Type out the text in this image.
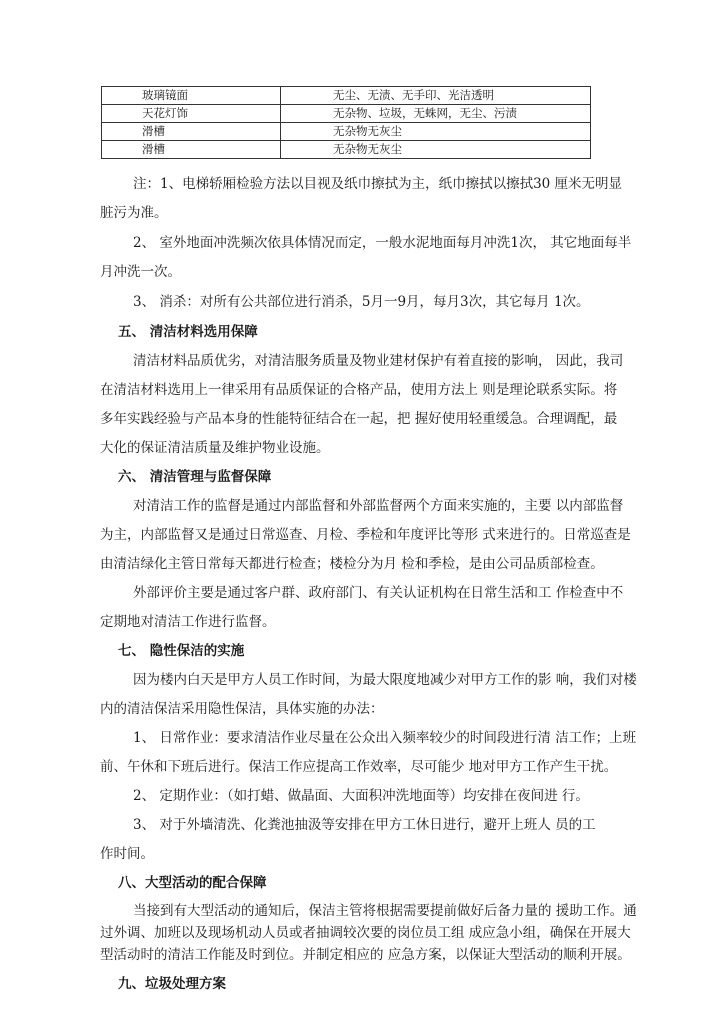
玻璃镜面	无尘、无渍、无手印、光洁透明
天花灯饰	无杂物、垃圾，无蛛网，无尘、污渍
滑槽	无杂物无灰尘
滑槽	无杂物无灰尘

注：1、电梯轿厢检验方法以目视及纸巾擦拭为主，纸巾擦拭以擦拭30 厘米无明显

脏污为准。

2、 室外地面冲洗频次依具体情况而定，一般水泥地面每月冲洗1次， 其它地面每半

月冲洗一次。

3、 消杀：对所有公共部位进行消杀，5月一9月，每月3次，其它每月 1次。

五、 清洁材料选用保障

清洁材料品质优劣，对清洁服务质量及物业建材保护有着直接的影响， 因此，我司

在清洁材料选用上一律采用有品质保证的合格产品，使用方法上 则是理论联系实际。将

多年实践经验与产品本身的性能特征结合在一起，把 握好使用轻重缓急。合理调配，最

大化的保证清洁质量及维护物业设施。

六、 清洁管理与监督保障

对清洁工作的监督是通过内部监督和外部监督两个方面来实施的，主要 以内部监督

为主，内部监督又是通过日常巡查、月检、季检和年度评比等形 式来进行的。日常巡查是

由清洁绿化主管日常每天都进行检查；楼检分为月 检和季检，是由公司品质部检查。

外部评价主要是通过客户群、政府部门、有关认证机构在日常生活和工 作检查中不

定期地对清洁工作进行监督。

七、 隐性保洁的实施

因为楼内白天是甲方人员工作时间，为最大限度地减少对甲方工作的影 响，我们对楼

内的清洁保洁采用隐性保洁，具体实施的办法：

1、 日常作业：要求清洁作业尽量在公众出入频率较少的时间段进行清 洁工作；上班

前、午休和下班后进行。保洁工作应提高工作效率，尽可能少 地对甲方工作产生干扰。

2、 定期作业：（如打蜡、做晶面、大面积冲洗地面等）均安排在夜间进 行。

3、 对于外墙清洗、化粪池抽汲等安排在甲方工休日进行，避开上班人 员的工

作时间。

八、大型活动的配合保障

当接到有大型活动的通知后，保洁主管将根据需要提前做好后备力量的 援助工作。通

过外调、加班以及现场机动人员或者抽调较次要的岗位员工组 成应急小组，确保在开展大

型活动时的清洁工作能及时到位。并制定相应的 应急方案，以保证大型活动的顺利开展。

九、垃圾处理方案
